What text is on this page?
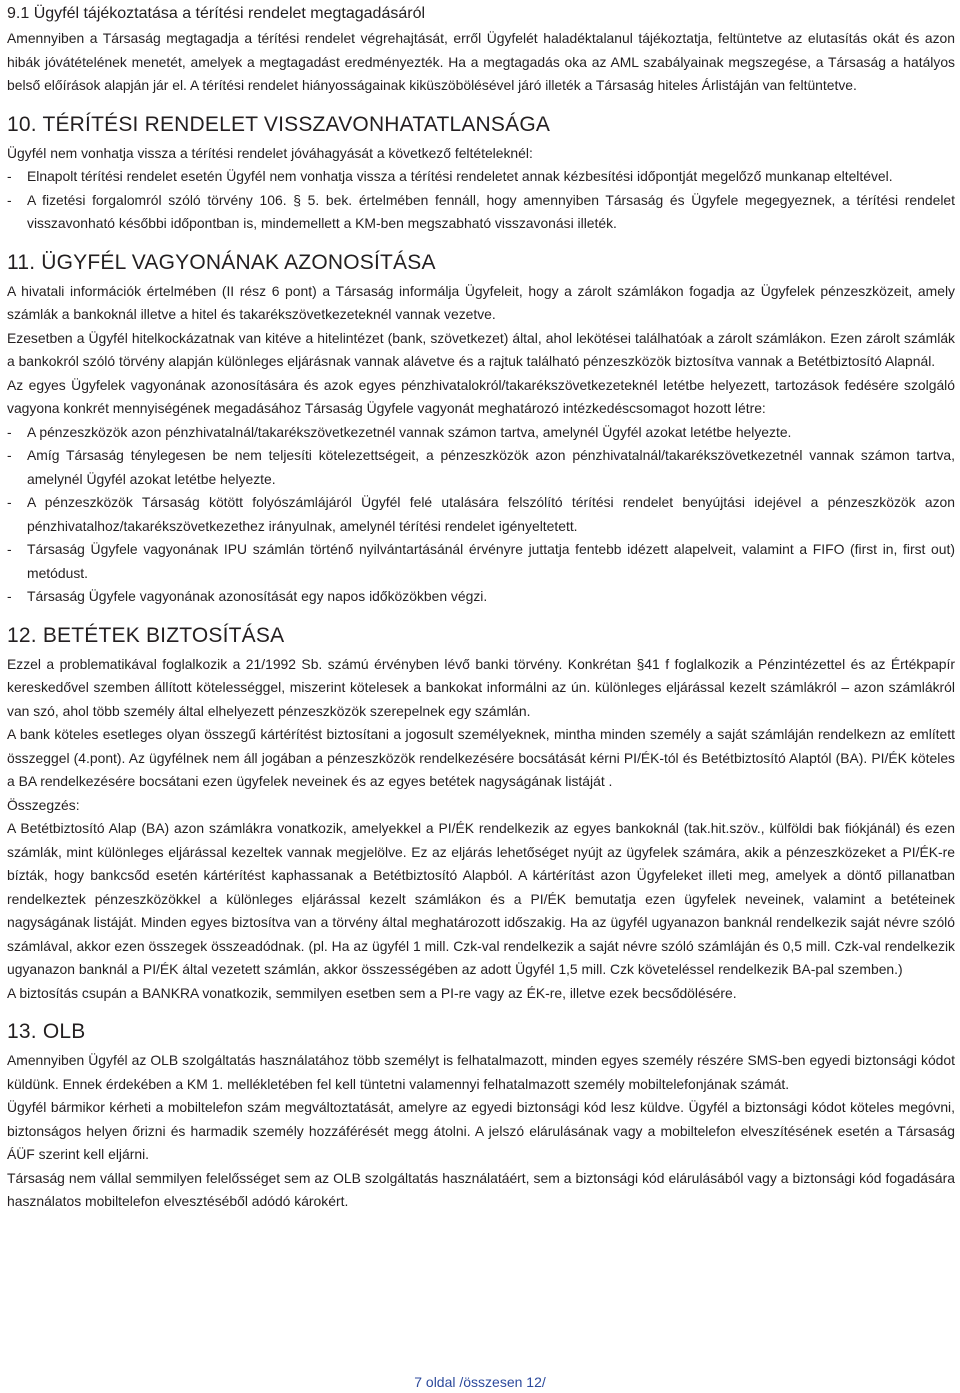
9.1 Ügyfél tájékoztatása a térítési rendelet megtagadásáról

Amennyiben a Társaság megtagadja a térítési rendelet végrehajtását, erről Ügyfelét haladéktalanul tájékoztatja, feltüntetve az elutasítás okát és azon hibák jóvátételének menetét, amelyek a megtagadást eredményezték. Ha a megtagadás oka az AML szabályainak megszegése, a Társaság a hatályos belső előírások alapján jár el. A térítési rendelet hiányosságainak kiküszöbölésével járó illeték a Társaság hiteles Árlistáján van feltüntetve.

10. TÉRÍTÉSI RENDELET VISSZAVONHATATLANSÁGA

Ügyfél nem vonhatja vissza a térítési rendelet jóváhagyását a következő feltételeknél:

-	Elnapolt térítési rendelet esetén Ügyfél nem vonhatja vissza a térítési rendeletet annak kézbesítési időpontját megelőző munkanap elteltével.
-	A fizetési forgalomról szóló törvény 106. § 5. bek. értelmében fennáll, hogy amennyiben Társaság és Ügyfele megegyeznek, a térítési rendelet visszavonható későbbi időpontban is, mindemellett a KM-ben megszabható visszavonási illeték.
11. ÜGYFÉL VAGYONÁNAK AZONOSÍTÁSA

A hivatali információk értelmében (II rész 6 pont) a Társaság informálja Ügyfeleit, hogy a zárolt számlákon fogadja az Ügyfelek pénzeszközeit, amely számlák a bankoknál illetve a hitel és takarékszövetkezeteknél vannak vezetve.

Ezesetben a Ügyfél hitelkockázatnak van kitéve a hitelintézet (bank, szövetkezet) által, ahol lekötései találhatóak a zárolt számlákon. Ezen zárolt számlák a bankokról szóló törvény alapján különleges eljárásnak vannak alávetve és a rajtuk található pénzeszközök biztosítva vannak a Betétbiztosító Alapnál.

Az egyes Ügyfelek vagyonának azonosítására és azok egyes pénzhivatalokról/takarékszövetkezeteknél letétbe helyezett, tartozások fedésére szolgáló vagyona konkrét mennyiségének megadásához Társaság Ügyfele vagyonát meghatározó intézkedéscsomagot hozott létre:

-	A pénzeszközök azon pénzhivatalnál/takarékszövetkezetnél vannak számon tartva, amelynél Ügyfél azokat letétbe helyezte.
-	Amíg Társaság ténylegesen be nem teljesíti kötelezettségeit, a pénzeszközök azon pénzhivatalnál/takarékszövetkezetnél vannak számon tartva, amelynél Ügyfél azokat letétbe helyezte.
-	A pénzeszközök Társaság kötött folyószámlájáról Ügyfél felé utalására felszólító térítési rendelet benyújtási idejével a pénzeszközök azon pénzhivatalhoz/takarékszövetkezethez irányulnak, amelynél térítési rendelet igényeltetett.
-	Társaság Ügyfele vagyonának IPU számlán történő nyilvántartásánál érvényre juttatja fentebb idézett alapelveit, valamint a FIFO (first in, first out) metódust.
-	Társaság Ügyfele vagyonának azonosítását egy napos időközökben végzi.
12. BETÉTEK BIZTOSÍTÁSA

Ezzel a problematikával foglalkozik a 21/1992 Sb. számú érvényben lévő banki törvény. Konkrétan §41 f foglalkozik a Pénzintézettel és az Értékpapír kereskedővel szemben állított kötelességgel, miszerint kötelesek a bankokat informálni az ún. különleges eljárással kezelt számlákról – azon számlákról van szó, ahol több személy által elhelyezett pénzeszközök szerepelnek egy számlán.

A bank köteles esetleges olyan összegű kártérítést biztosítani a jogosult személyeknek, mintha minden személy a saját számláján rendelkezn az említett összeggel (4.pont). Az ügyfélnek nem áll jogában a pénzeszközök rendelkezésére bocsátását kérni PI/ÉK-tól és Betétbiztosító Alaptól (BA). PI/ÉK köteles a BA rendelkezésére bocsátani ezen ügyfelek neveinek és az egyes betétek nagyságának listáját .

Összegzés:

A Betétbiztosító Alap (BA) azon számlákra vonatkozik, amelyekkel a PI/ÉK rendelkezik az egyes bankoknál (tak.hit.szöv., külföldi bak fiókjánál) és ezen számlák, mint különleges eljárással kezeltek vannak megjelölve. Ez az eljárás lehetőséget nyújt az ügyfelek számára, akik a pénzeszközeket a PI/ÉK-re bízták, hogy bankcsőd esetén kártérítést kaphassanak a Betétbiztosító Alapból. A kártérítást azon Ügyfeleket illeti meg, amelyek a döntő pillanatban rendelkeztek pénzeszközökkel a különleges eljárással kezelt számlákon és a PI/ÉK bemutatja ezen ügyfelek neveinek, valamint a betéteinek nagyságának listáját. Minden egyes biztosítva van a törvény által meghatározott időszakig. Ha az ügyfél ugyanazon banknál rendelkezik saját névre szóló számlával, akkor ezen összegek összeadódnak. (pl. Ha az ügyfél 1 mill. Czk-val rendelkezik a saját névre szóló számláján és 0,5 mill. Czk-val rendelkezik ugyanazon banknál a PI/ÉK által vezetett számlán, akkor összességében az adott Ügyfél 1,5 mill. Czk követeléssel rendelkezik BA-pal szemben.)

A biztosítás csupán a BANKRA vonatkozik, semmilyen esetben sem a PI-re vagy az ÉK-re, illetve ezek becsődölésére.

13. OLB

Amennyiben Ügyfél az OLB szolgáltatás használatához több személyt is felhatalmazott, minden egyes személy részére SMS-ben egyedi biztonsági kódot küldünk. Ennek érdekében a KM 1. mellékletében fel kell tüntetni valamennyi felhatalmazott személy mobiltelefonjának számát.

Ügyfél bármikor kérheti a mobiltelefon szám megváltoztatását, amelyre az egyedi biztonsági kód lesz küldve. Ügyfél a biztonsági kódot köteles megóvni, biztonságos helyen őrizni és harmadik személy hozzáférését megg átolni. A jelszó elárulásának vagy a mobiltelefon elveszítésének esetén a Társaság ÁÜF szerint kell eljárni.

Társaság nem vállal semmilyen felelősséget sem az OLB szolgáltatás használatáért, sem a biztonsági kód elárulásából vagy a biztonsági kód fogadására használatos mobiltelefon elvesztéséből adódó károkért.

7 oldal /összesen 12/
